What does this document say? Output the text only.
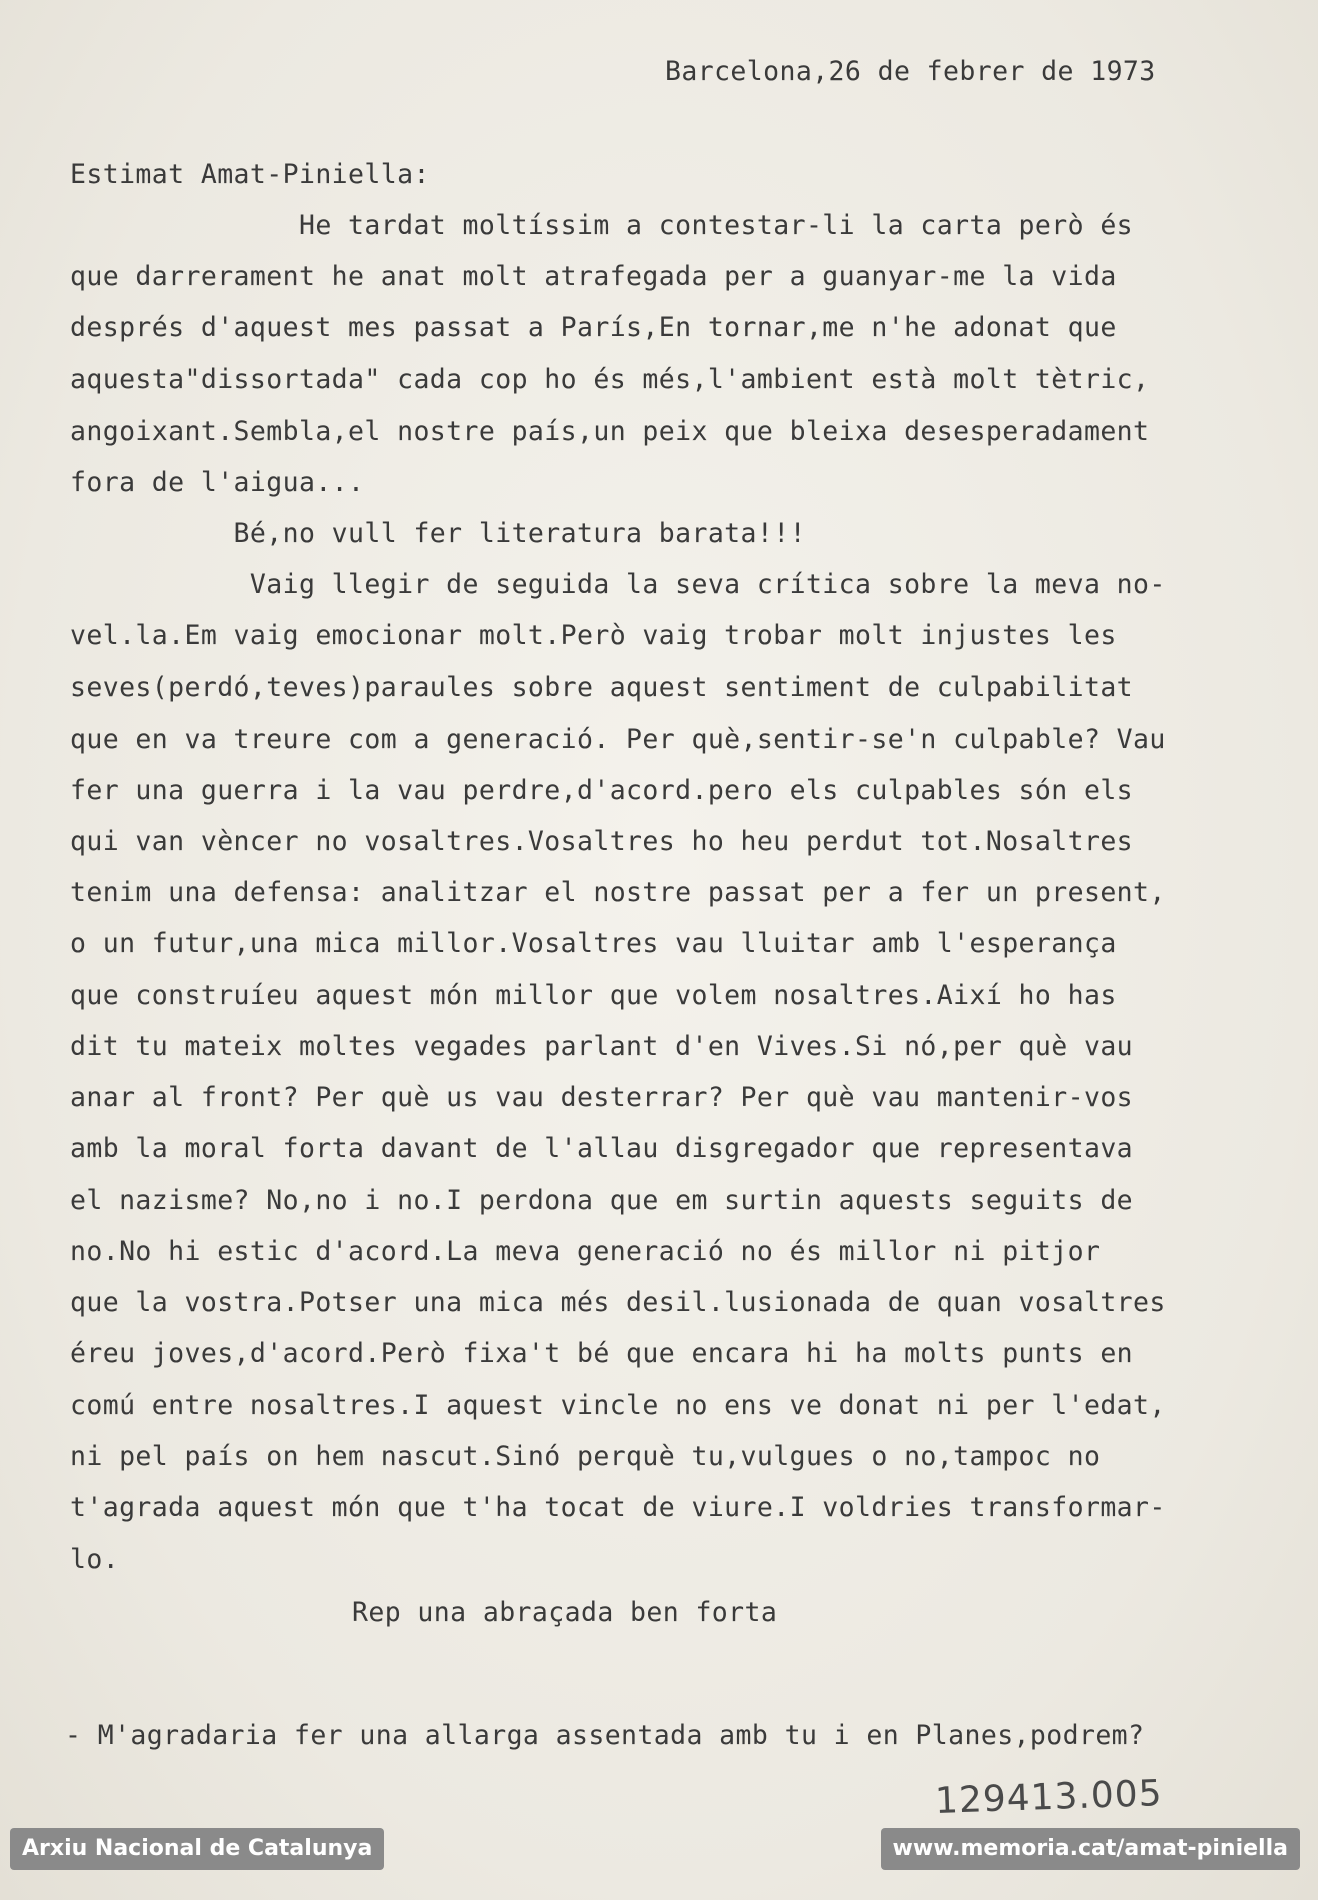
Barcelona,26 de febrer de 1973
Estimat Amat-Piniella:
He tardat moltíssim a contestar-li la carta però és
que darrerament he anat molt atrafegada per a guanyar-me la vida
després d'aquest mes passat a París,En tornar,me n'he adonat que
aquesta"dissortada" cada cop ho és més,l'ambient està molt tètric,
angoixant.Sembla,el nostre país,un peix que bleixa desesperadament
fora de l'aigua...
Bé,no vull fer literatura barata!!!
Vaig llegir de seguida la seva crítica sobre la meva no-
vel.la.Em vaig emocionar molt.Però vaig trobar molt injustes les
seves(perdó,teves)paraules sobre aquest sentiment de culpabilitat
que en va treure com a generació. Per què,sentir-se'n culpable? Vau
fer una guerra i la vau perdre,d'acord.pero els culpables són els
qui van vèncer no vosaltres.Vosaltres ho heu perdut tot.Nosaltres
tenim una defensa: analitzar el nostre passat per a fer un present,
o un futur,una mica millor.Vosaltres vau lluitar amb l'esperança
que construíeu aquest món millor que volem nosaltres.Així ho has
dit tu mateix moltes vegades parlant d'en Vives.Si nó,per què vau
anar al front? Per què us vau desterrar? Per què vau mantenir-vos
amb la moral forta davant de l'allau disgregador que representava
el nazisme? No,no i no.I perdona que em surtin aquests seguits de
no.No hi estic d'acord.La meva generació no és millor ni pitjor
que la vostra.Potser una mica més desil.lusionada de quan vosaltres
éreu joves,d'acord.Però fixa't bé que encara hi ha molts punts en
comú entre nosaltres.I aquest vincle no ens ve donat ni per l'edat,
ni pel país on hem nascut.Sinó perquè tu,vulgues o no,tampoc no
t'agrada aquest món que t'ha tocat de viure.I voldries transformar-
lo.
Rep una abraçada ben forta
- M'agradaria fer una allarga assentada amb tu i en Planes,podrem?
129413.005
Arxiu Nacional de Catalunya	www.memoria.cat/amat-piniella
